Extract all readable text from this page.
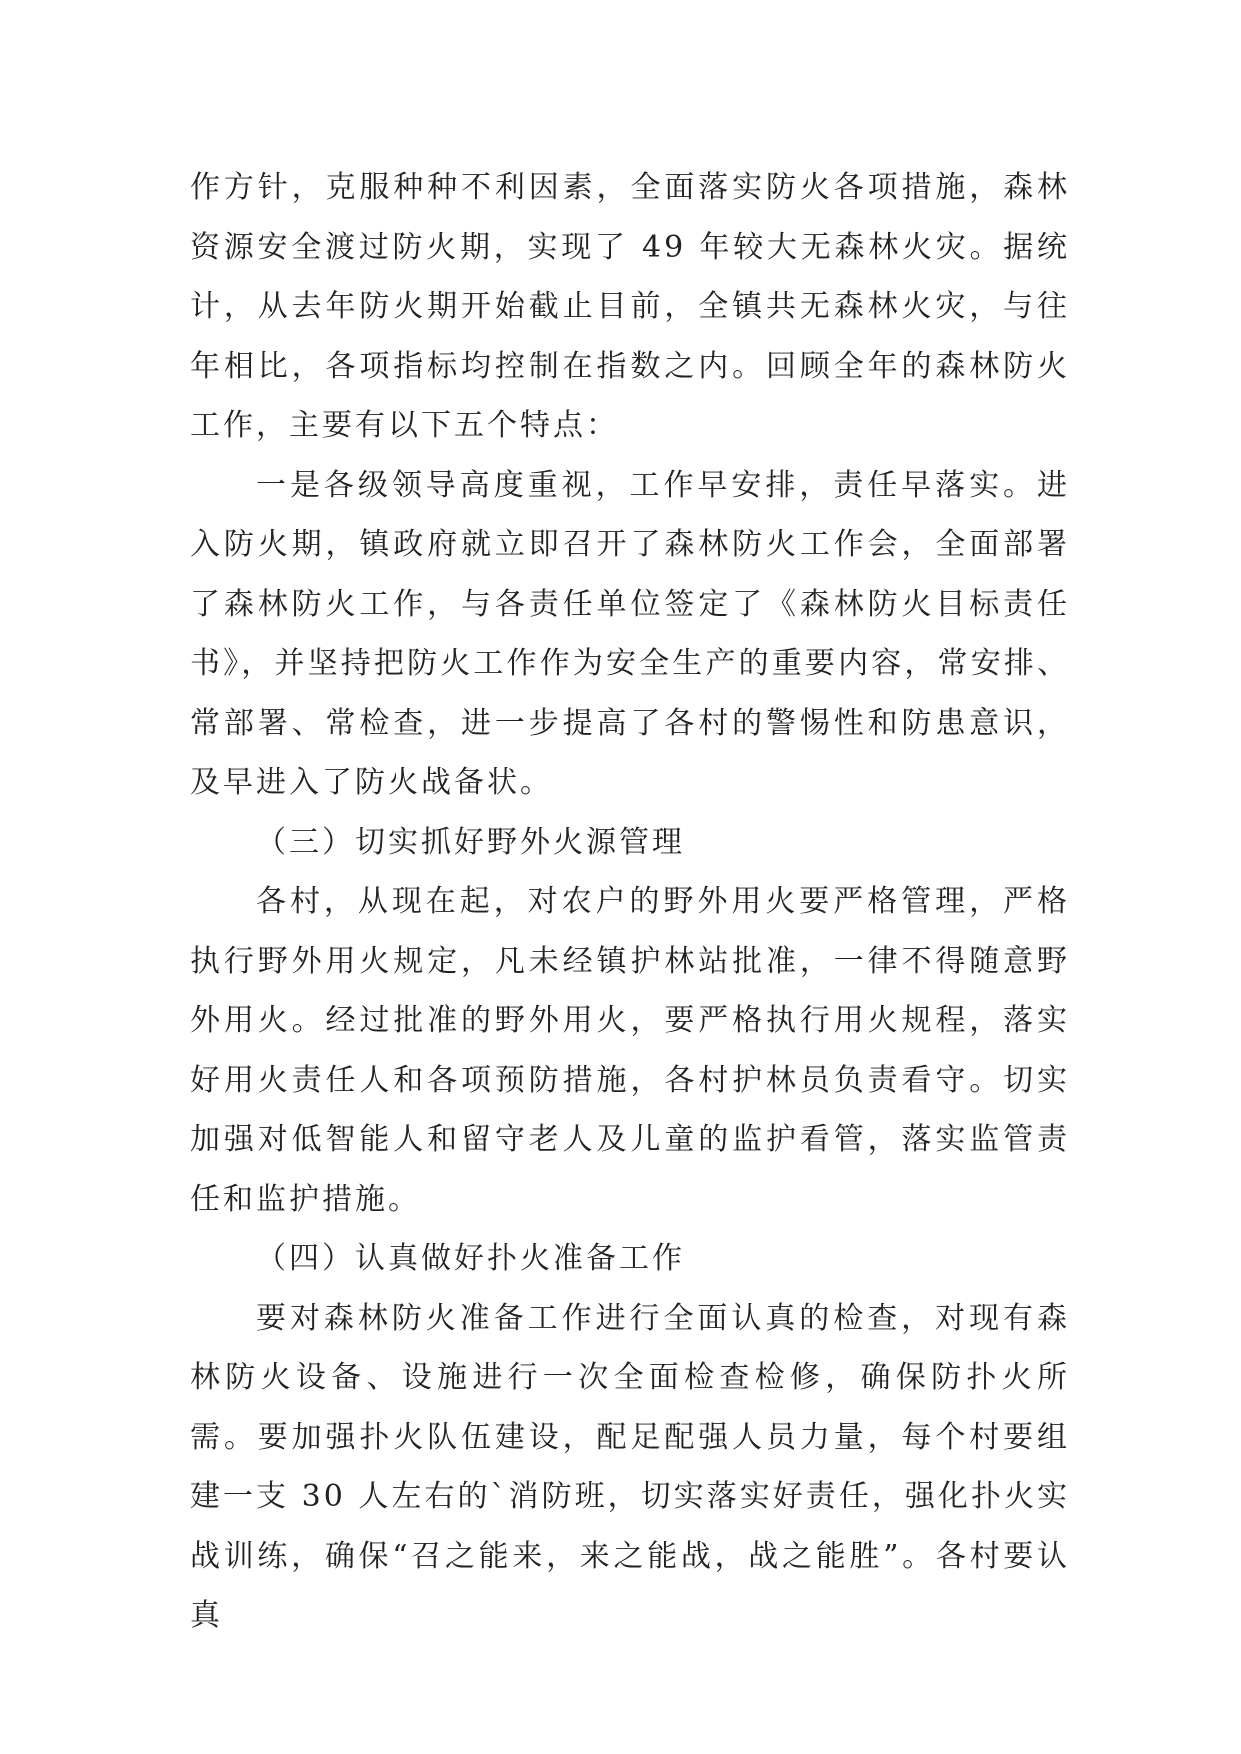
作方针，克服种种不利因素，全面落实防火各项措施，森林资源安全渡过防火期，实现了 49 年较大无森林火灾。据统计，从去年防火期开始截止目前，全镇共无森林火灾，与往年相比，各项指标均控制在指数之内。回顾全年的森林防火工作，主要有以下五个特点：

一是各级领导高度重视，工作早安排，责任早落实。进入防火期，镇政府就立即召开了森林防火工作会，全面部署了森林防火工作，与各责任单位签定了《森林防火目标责任书》，并坚持把防火工作作为安全生产的重要内容，常安排、常部署、常检查，进一步提高了各村的警惕性和防患意识，及早进入了防火战备状。

（三）切实抓好野外火源管理

各村，从现在起，对农户的野外用火要严格管理，严格执行野外用火规定，凡未经镇护林站批准，一律不得随意野外用火。经过批准的野外用火，要严格执行用火规程，落实好用火责任人和各项预防措施，各村护林员负责看守。切实加强对低智能人和留守老人及儿童的监护看管，落实监管责任和监护措施。

（四）认真做好扑火准备工作

要对森林防火准备工作进行全面认真的检查，对现有森林防火设备、设施进行一次全面检查检修，确保防扑火所需。要加强扑火队伍建设，配足配强人员力量，每个村要组建一支 30 人左右的`消防班，切实落实好责任，强化扑火实战训练，确保“召之能来，来之能战，战之能胜”。各村要认真
